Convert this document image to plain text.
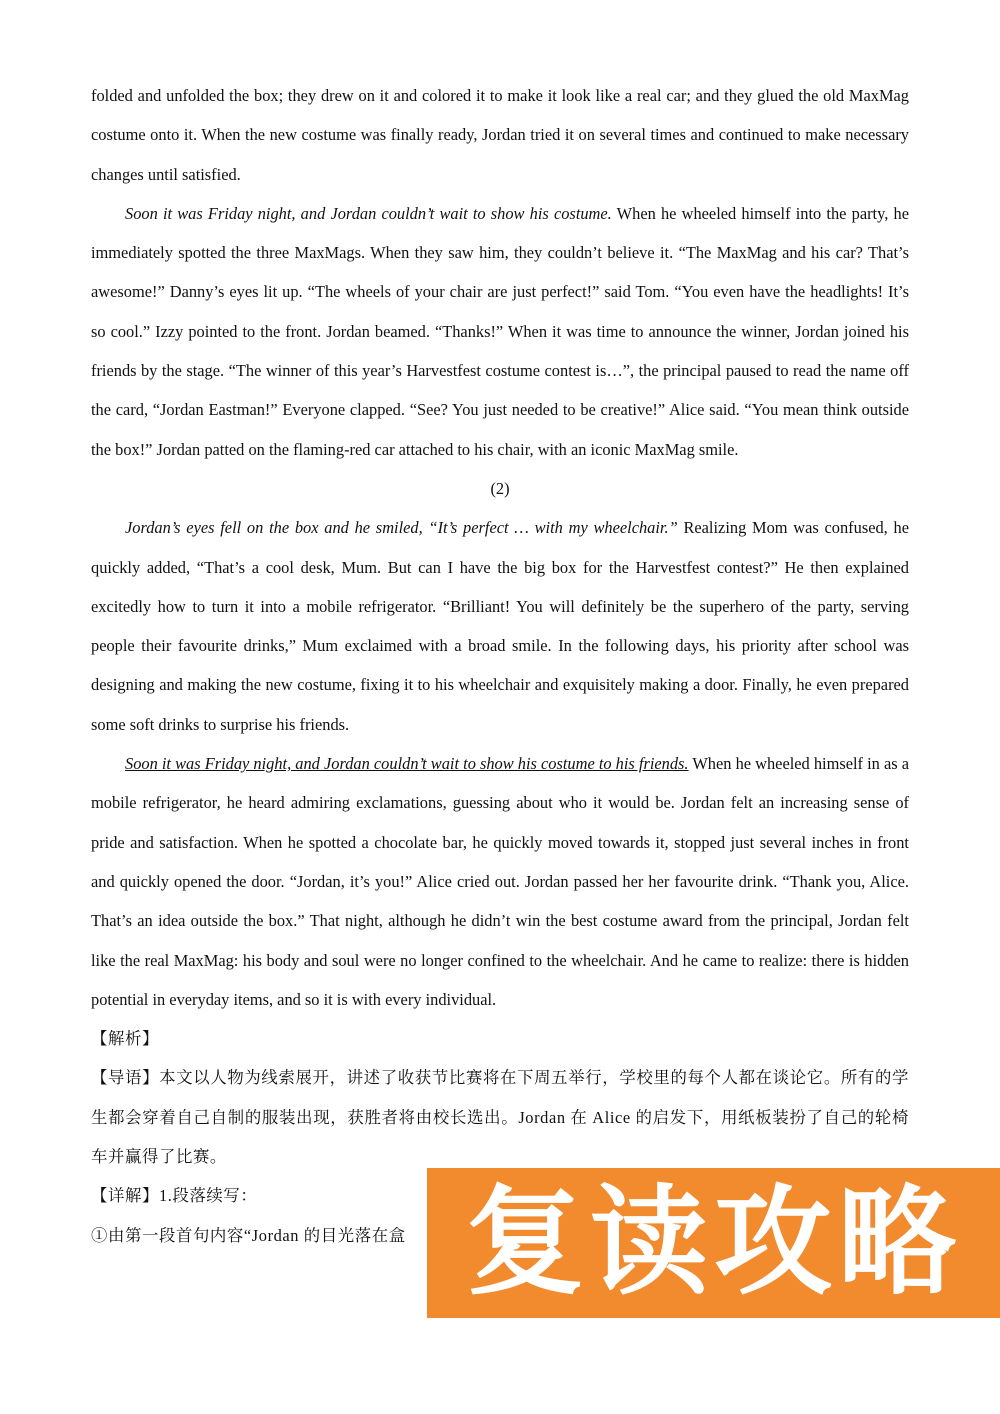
folded and unfolded the box; they drew on it and colored it to make it look like a real car; and they glued the old MaxMag costume onto it. When the new costume was finally ready, Jordan tried it on several times and continued to make necessary changes until satisfied.

Soon it was Friday night, and Jordan couldn’t wait to show his costume. When he wheeled himself into the party, he immediately spotted the three MaxMags. When they saw him, they couldn’t believe it. “The MaxMag and his car? That’s awesome!” Danny’s eyes lit up. “The wheels of your chair are just perfect!” said Tom. “You even have the headlights! It’s so cool.” Izzy pointed to the front. Jordan beamed. “Thanks!” When it was time to announce the winner, Jordan joined his friends by the stage. “The winner of this year’s Harvestfest costume contest is…”, the principal paused to read the name off the card, “Jordan Eastman!” Everyone clapped. “See? You just needed to be creative!” Alice said. “You mean think outside the box!” Jordan patted on the flaming-red car attached to his chair, with an iconic MaxMag smile.

(2)

Jordan’s eyes fell on the box and he smiled, “It’s perfect … with my wheelchair.” Realizing Mom was confused, he quickly added, “That’s a cool desk, Mum. But can I have the big box for the Harvestfest contest?” He then explained excitedly how to turn it into a mobile refrigerator. “Brilliant! You will definitely be the superhero of the party, serving people their favourite drinks,” Mum exclaimed with a broad smile. In the following days, his priority after school was designing and making the new costume, fixing it to his wheelchair and exquisitely making a door. Finally, he even prepared some soft drinks to surprise his friends.

Soon it was Friday night, and Jordan couldn’t wait to show his costume to his friends. When he wheeled himself in as a mobile refrigerator, he heard admiring exclamations, guessing about who it would be. Jordan felt an increasing sense of pride and satisfaction. When he spotted a chocolate bar, he quickly moved towards it, stopped just several inches in front and quickly opened the door. “Jordan, it’s you!” Alice cried out. Jordan passed her her favourite drink. “Thank you, Alice. That’s an idea outside the box.” That night, although he didn’t win the best costume award from the principal, Jordan felt like the real MaxMag: his body and soul were no longer confined to the wheelchair. And he came to realize: there is hidden potential in everyday items, and so it is with every individual.

【解析】

【导语】本文以人物为线索展开，讲述了收获节比赛将在下周五举行，学校里的每个人都在谈论它。所有的学生都会穿着自己自制的服装出现，获胜者将由校长选出。Jordan 在 Alice 的启发下，用纸板装扮了自己的轮椅车并赢得了比赛。

【详解】1.段落续写：

①由第一段首句内容“Jordan 的目光落在盒 复读攻略
